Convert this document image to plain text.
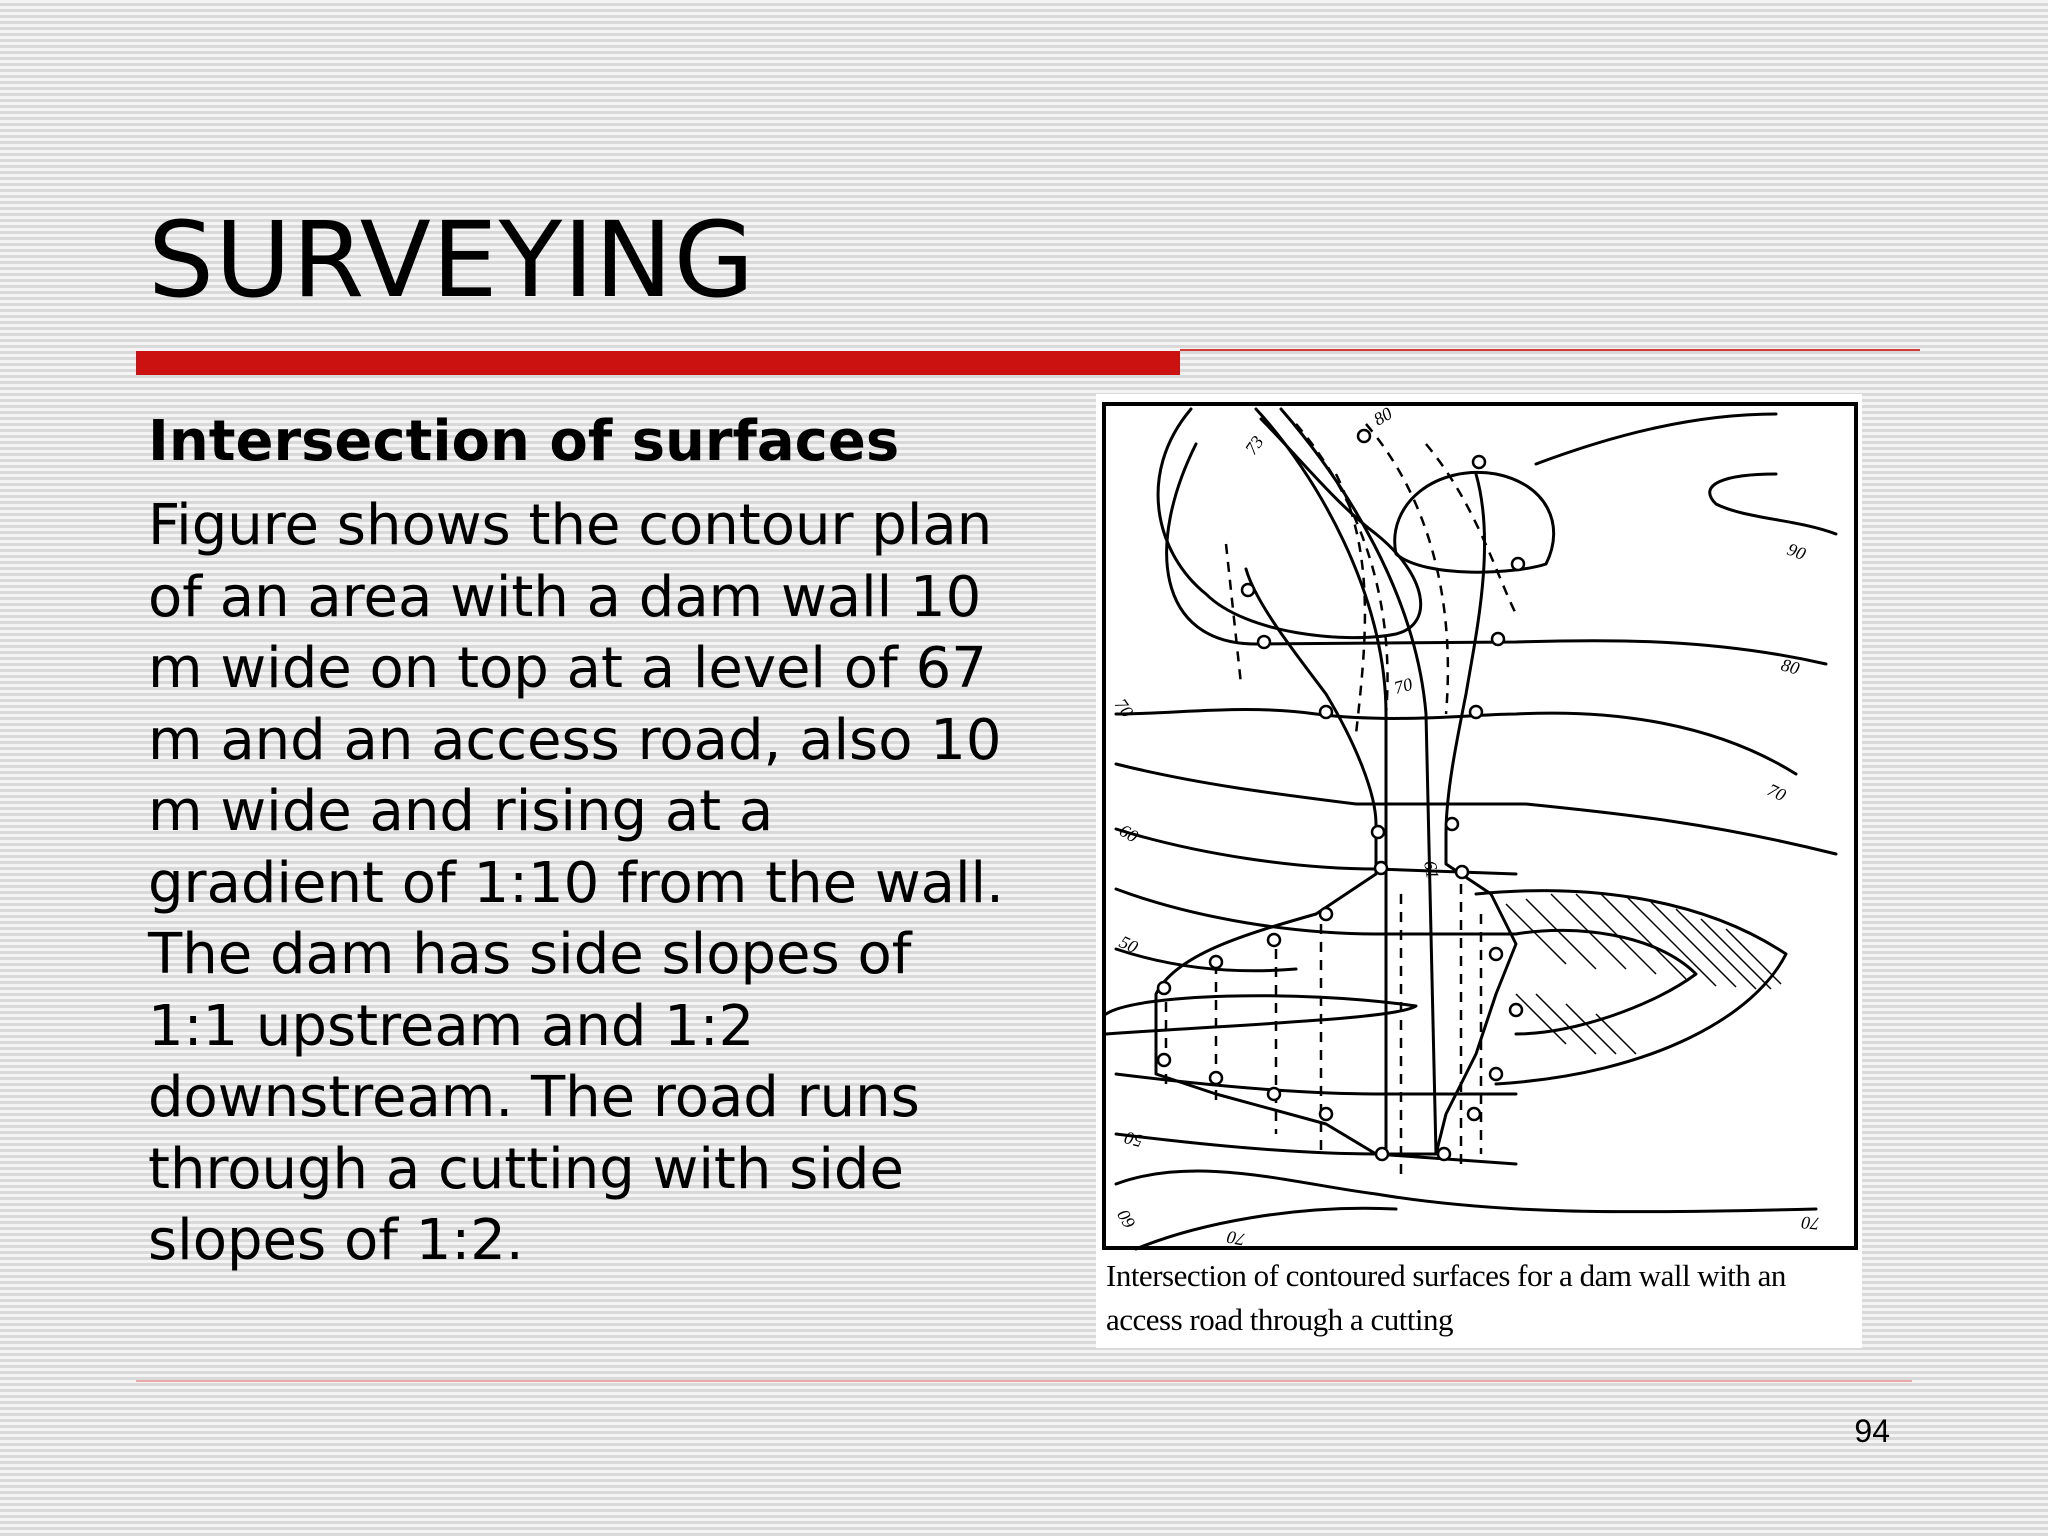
SURVEYING
Intersection of surfaces

Figure shows the contour plan of an area with a dam wall 10 m wide on top at a level of 67 m and an access road, also 10 m wide and rising at a gradient of 1:10 from the wall. The dam has side slopes of 1:1 upstream and 1:2 downstream. The road runs through a cutting with side slopes of 1:2.

80
73
90
80
70
70
70
60
61
50
50
60
70
70
Intersection of contoured surfaces for a dam wall with an access road through a cutting
94
